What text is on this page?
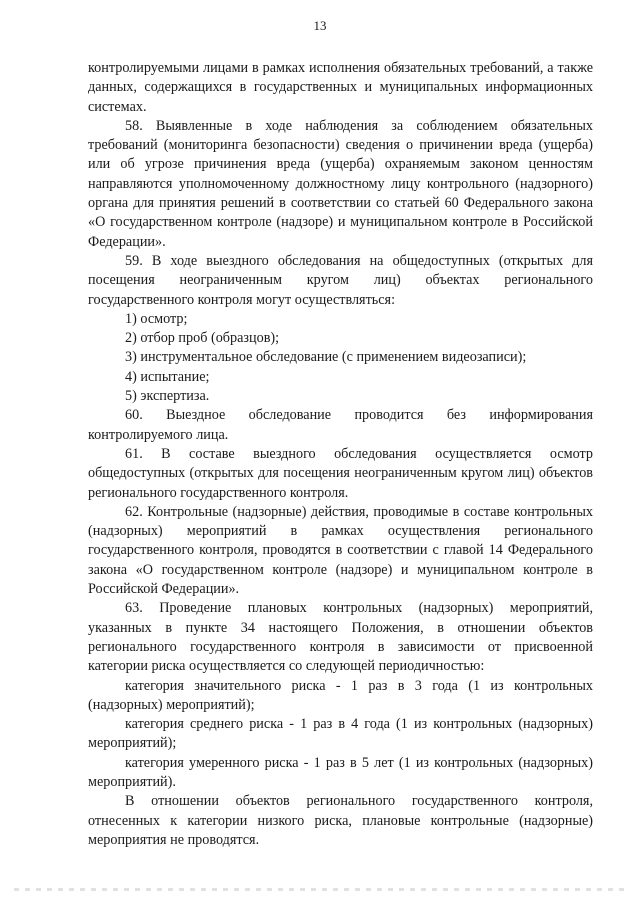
13

контролируемыми лицами в рамках исполнения обязательных требований, а также данных, содержащихся в государственных и муниципальных информационных системах.

58. Выявленные в ходе наблюдения за соблюдением обязательных требований (мониторинга безопасности) сведения о причинении вреда (ущерба) или об угрозе причинения вреда (ущерба) охраняемым законом ценностям направляются уполномоченному должностному лицу контрольного (надзорного) органа для принятия решений в соответствии со статьей 60 Федерального закона «О государственном контроле (надзоре) и муниципальном контроле в Российской Федерации».

59. В ходе выездного обследования на общедоступных (открытых для посещения неограниченным кругом лиц) объектах регионального государственного контроля могут осуществляться:

1) осмотр;

2) отбор проб (образцов);

3) инструментальное обследование (с применением видеозаписи);

4) испытание;

5) экспертиза.

60. Выездное обследование проводится без информирования контролируемого лица.

61. В составе выездного обследования осуществляется осмотр общедоступных (открытых для посещения неограниченным кругом лиц) объектов регионального государственного контроля.

62. Контрольные (надзорные) действия, проводимые в составе контрольных (надзорных) мероприятий в рамках осуществления регионального государственного контроля, проводятся в соответствии с главой 14 Федерального закона «О государственном контроле (надзоре) и муниципальном контроле в Российской Федерации».

63. Проведение плановых контрольных (надзорных) мероприятий, указанных в пункте 34 настоящего Положения, в отношении объектов регионального государственного контроля в зависимости от присвоенной категории риска осуществляется со следующей периодичностью:

категория значительного риска - 1 раз в 3 года (1 из контрольных (надзорных) мероприятий);

категория среднего риска - 1 раз в 4 года (1 из контрольных (надзорных) мероприятий);

категория умеренного риска - 1 раз в 5 лет (1 из контрольных (надзорных) мероприятий).

В отношении объектов регионального государственного контроля, отнесенных к категории низкого риска, плановые контрольные (надзорные) мероприятия не проводятся.
